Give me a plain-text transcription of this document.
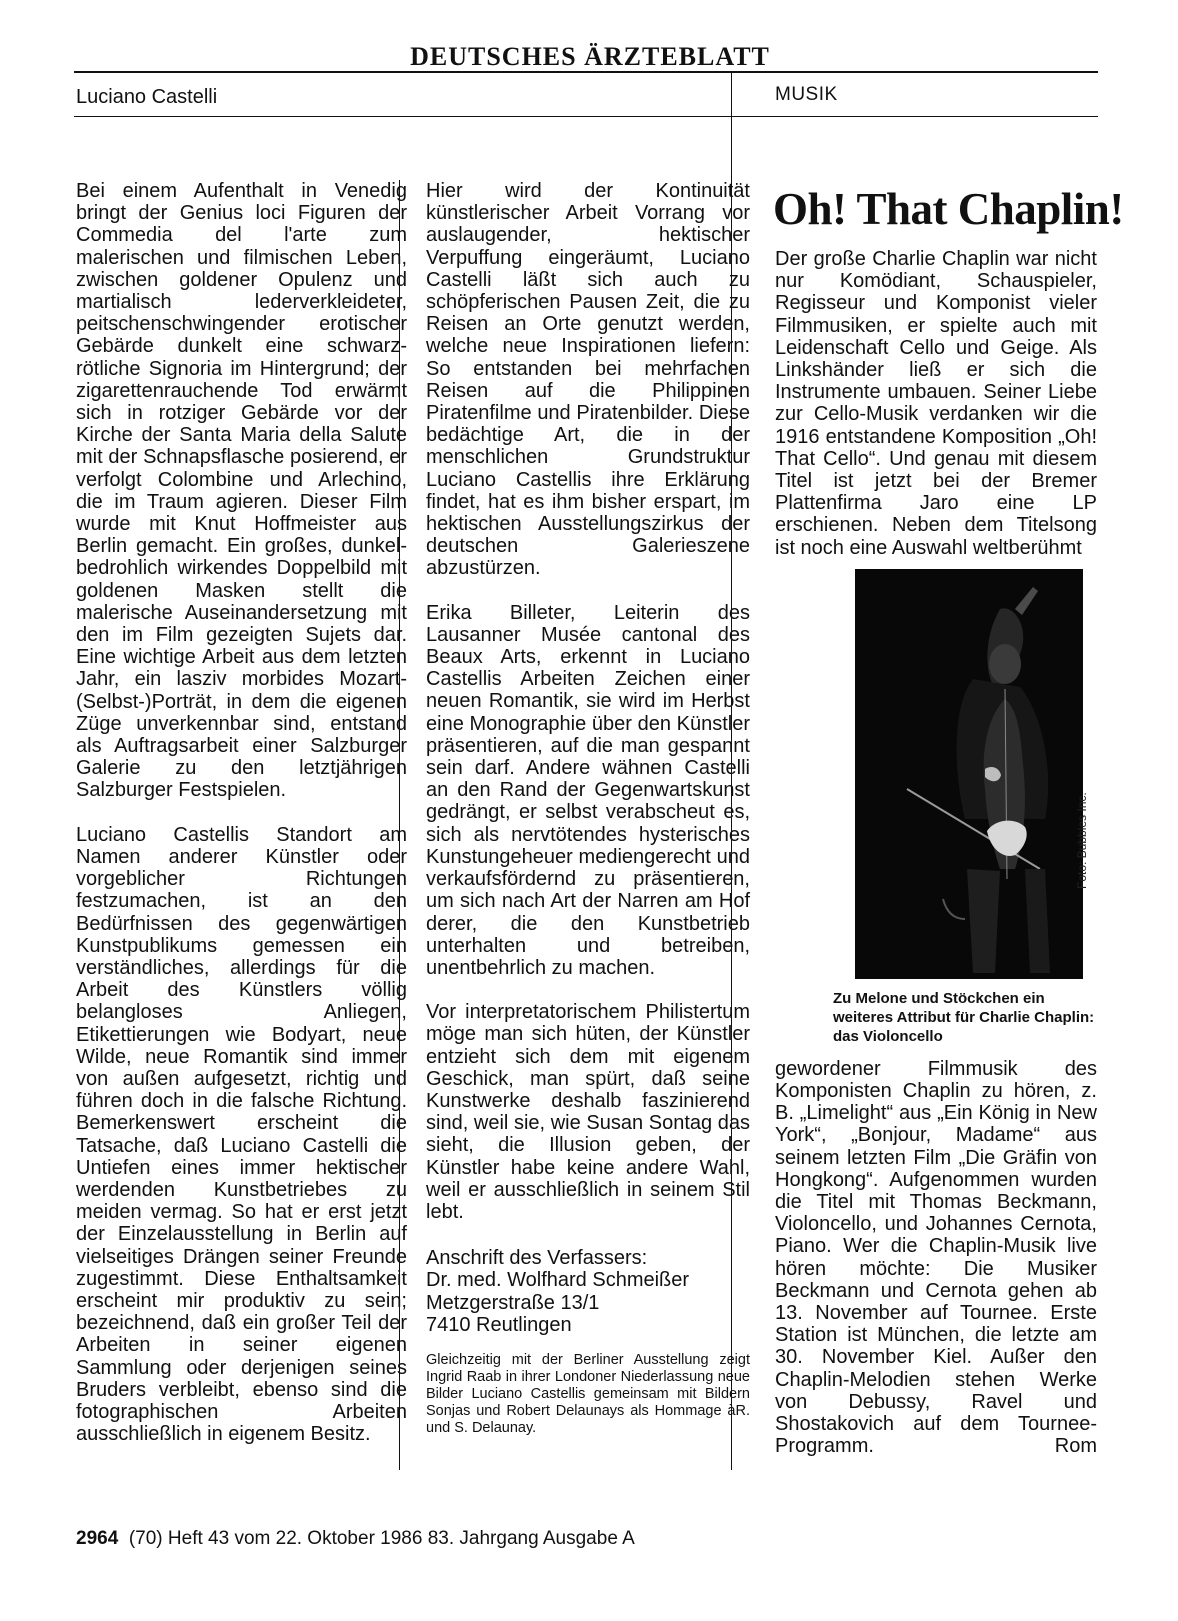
DEUTSCHES ÄRZTEBLATT
Luciano Castelli	MUSIK

Bei einem Aufenthalt in Venedig bringt der Genius loci Figuren der Commedia del l'arte zum malerischen und filmischen Leben, zwischen goldener Opulenz und martialisch lederverkleideter, peitschenschwingender erotischer Gebärde dunkelt eine schwarz-rötliche Signoria im Hintergrund; der zigarettenrauchende Tod erwärmt sich in rotziger Gebärde vor der Kirche der Santa Maria della Salute mit der Schnapsflasche posierend, er verfolgt Colombine und Arlechino, die im Traum agieren. Dieser Film wurde mit Knut Hoffmeister aus Berlin gemacht. Ein großes, dunkel-bedrohlich wirkendes Doppelbild mit goldenen Masken stellt die malerische Auseinandersetzung mit den im Film gezeigten Sujets dar. Eine wichtige Arbeit aus dem letzten Jahr, ein lasziv morbides Mozart-(Selbst-)Porträt, in dem die eigenen Züge unverkennbar sind, entstand als Auftragsarbeit einer Salzburger Galerie zu den letztjährigen Salzburger Festspielen.

Luciano Castellis Standort am Namen anderer Künstler oder vorgeblicher Richtungen festzumachen, ist an den Bedürfnissen des gegenwärtigen Kunstpublikums gemessen ein verständliches, allerdings für die Arbeit des Künstlers völlig belangloses Anliegen, Etikettierungen wie Bodyart, neue Wilde, neue Romantik sind immer von außen aufgesetzt, richtig und führen doch in die falsche Richtung. Bemerkenswert erscheint die Tatsache, daß Luciano Castelli die Untiefen eines immer hektischer werdenden Kunstbetriebes zu meiden vermag. So hat er erst jetzt der Einzelausstellung in Berlin auf vielseitiges Drängen seiner Freunde zugestimmt. Diese Enthaltsamkeit erscheint mir produktiv zu sein; bezeichnend, daß ein großer Teil der Arbeiten in seiner eigenen Sammlung oder derjenigen seines Bruders verbleibt, ebenso sind die fotographischen Arbeiten ausschließlich in eigenem Besitz.

Hier wird der Kontinuität künstlerischer Arbeit Vorrang vor auslaugender, hektischer Verpuffung eingeräumt, Luciano Castelli läßt sich auch zu schöpferischen Pausen Zeit, die zu Reisen an Orte genutzt werden, welche neue Inspirationen liefern: So entstanden bei mehrfachen Reisen auf die Philippinen Piratenfilme und Piratenbilder. Diese bedächtige Art, die in der menschlichen Grundstruktur Luciano Castellis ihre Erklärung findet, hat es ihm bisher erspart, im hektischen Ausstellungszirkus der deutschen Galerieszene abzustürzen.

Erika Billeter, Leiterin des Lausanner Musée cantonal des Beaux Arts, erkennt in Luciano Castellis Arbeiten Zeichen einer neuen Romantik, sie wird im Herbst eine Monographie über den Künstler präsentieren, auf die man gespannt sein darf. Andere wähnen Castelli an den Rand der Gegenwartskunst gedrängt, er selbst verabscheut es, sich als nervtötendes hysterisches Kunstungeheuer mediengerecht und verkaufsfördernd zu präsentieren, um sich nach Art der Narren am Hof derer, die den Kunstbetrieb unterhalten und betreiben, unentbehrlich zu machen.

Vor interpretatorischem Philistertum möge man sich hüten, der Künstler entzieht sich dem mit eigenem Geschick, man spürt, daß seine Kunstwerke deshalb faszinierend sind, weil sie, wie Susan Sontag das sieht, die Illusion geben, der Künstler habe keine andere Wahl, weil er ausschließlich in seinem Stil lebt.

Anschrift des Verfassers:
Dr. med. Wolfhard Schmeißer
Metzgerstraße 13/1
7410 Reutlingen
Gleichzeitig mit der Berliner Ausstellung zeigt Ingrid Raab in ihrer Londoner Niederlassung neue Bilder Luciano Castellis gemeinsam mit Bildern Sonjas und Robert Delaunays als Hommage àR. und S. Delaunay.
Oh! That Chaplin!

Der große Charlie Chaplin war nicht nur Komödiant, Schauspieler, Regisseur und Komponist vieler Filmmusiken, er spielte auch mit Leidenschaft Cello und Geige. Als Linkshänder ließ er sich die Instrumente umbauen. Seiner Liebe zur Cello-Musik verdanken wir die 1916 entstandene Komposition „Oh! That Cello“. Und genau mit diesem Titel ist jetzt bei der Bremer Plattenfirma Jaro eine LP erschienen. Neben dem Titelsong ist noch eine Auswahl weltberühmt

Foto: Bubbles Inc.
Zu Melone und Stöckchen ein weiteres Attribut für Charlie Chaplin: das Violoncello

gewordener Filmmusik des Komponisten Chaplin zu hören, z. B. „Limelight“ aus „Ein König in New York“, „Bonjour, Madame“ aus seinem letzten Film „Die Gräfin von Hongkong“. Aufgenommen wurden die Titel mit Thomas Beckmann, Violoncello, und Johannes Cernota, Piano. Wer die Chaplin-Musik live hören möchte: Die Musiker Beckmann und Cernota gehen ab 13. November auf Tournee. Erste Station ist München, die letzte am 30. November Kiel. Außer den Chaplin-Melodien stehen Werke von Debussy, Ravel und Shostakovich auf dem Tournee-Programm.	Rom

2964 (70) Heft 43 vom 22. Oktober 1986 83. Jahrgang Ausgabe A
